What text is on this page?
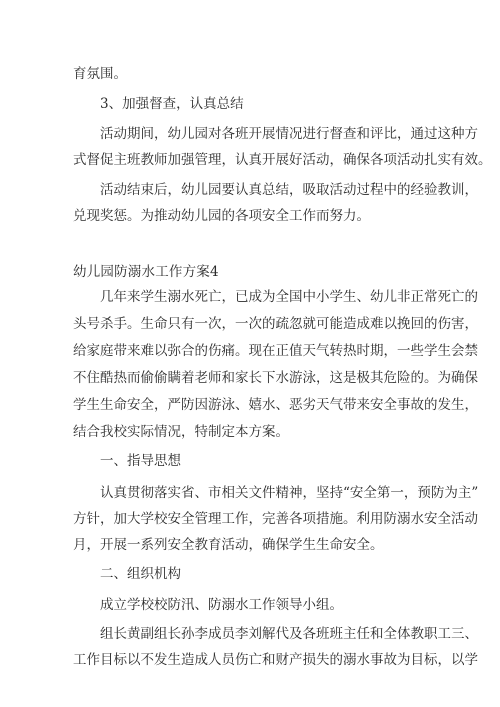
育氛围。
3、加强督查，认真总结
活动期间，幼儿园对各班开展情况进行督查和评比，通过这种方
式督促主班教师加强管理，认真开展好活动，确保各项活动扎实有效。
活动结束后，幼儿园要认真总结，吸取活动过程中的经验教训，
兑现奖惩。为推动幼儿园的各项安全工作而努力。
幼儿园防溺水工作方案4
几年来学生溺水死亡，已成为全国中小学生、幼儿非正常死亡的
头号杀手。生命只有一次，一次的疏忽就可能造成难以挽回的伤害，
给家庭带来难以弥合的伤痛。现在正值天气转热时期，一些学生会禁
不住酷热而偷偷瞒着老师和家长下水游泳，这是极其危险的。为确保
学生生命安全，严防因游泳、嬉水、恶劣天气带来安全事故的发生，
结合我校实际情况，特制定本方案。
一、指导思想
认真贯彻落实省、市相关文件精神，坚持“安全第一，预防为主”
方针，加大学校安全管理工作，完善各项措施。利用防溺水安全活动
月，开展一系列安全教育活动，确保学生生命安全。
二、组织机构
成立学校校防汛、防溺水工作领导小组。
组长黄副组长孙李成员李刘解代及各班班主任和全体教职工三、
工作目标以不发生造成人员伤亡和财产损失的溺水事故为目标，以学
